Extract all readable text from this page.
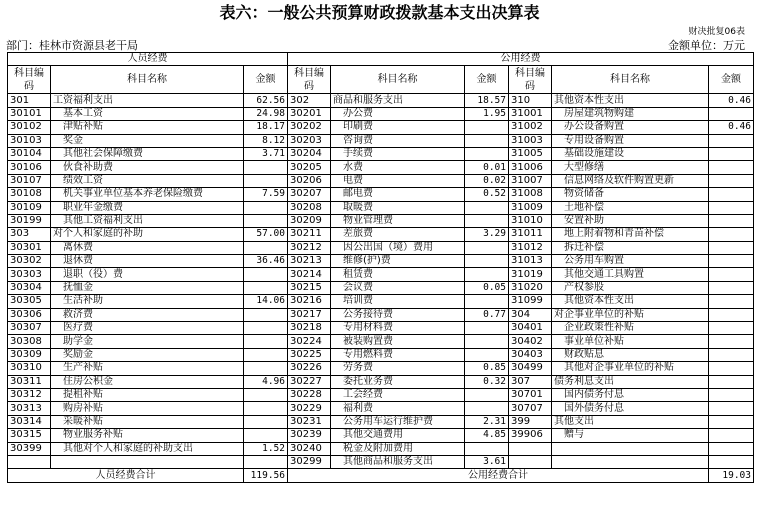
表六：一般公共预算财政拨款基本支出决算表
财决批复06表
部门：桂林市资源县老干局	金额单位：万元
人员经费			公用经费					
科目编码	科目名称	金额	科目编码	科目名称	金额	科目编码	科目名称	金额
301	工资福利支出	62.56	302	商品和服务支出	18.57	310	其他资本性支出	0.46
30101	基本工资	24.98	30201	办公费	1.95	31001	房屋建筑物购建	
30102	津贴补贴	18.17	30202	印刷费		31002	办公设备购置	0.46
30103	奖金	8.12	30203	咨询费		31003	专用设备购置	
30104	其他社会保障缴费	3.71	30204	手续费		31005	基础设施建设	
30106	伙食补助费		30205	水费	0.01	31006	大型修缮	
30107	绩效工资		30206	电费	0.02	31007	信息网络及软件购置更新	
30108	机关事业单位基本养老保险缴费	7.59	30207	邮电费	0.52	31008	物资储备	
30109	职业年金缴费		30208	取暖费		31009	土地补偿	
30199	其他工资福利支出		30209	物业管理费		31010	安置补助	
303	对个人和家庭的补助	57.00	30211	差旅费	3.29	31011	地上附着物和青苗补偿	
30301	离休费		30212	因公出国（境）费用		31012	拆迁补偿	
30302	退休费	36.46	30213	维修(护)费		31013	公务用车购置	
30303	退职（役）费		30214	租赁费		31019	其他交通工具购置	
30304	抚恤金		30215	会议费	0.05	31020	产权参股	
30305	生活补助	14.06	30216	培训费		31099	其他资本性支出	
30306	救济费		30217	公务接待费	0.77	304	对企事业单位的补贴	
30307	医疗费		30218	专用材料费		30401	企业政策性补贴	
30308	助学金		30224	被装购置费		30402	事业单位补贴	
30309	奖励金		30225	专用燃料费		30403	财政贴息	
30310	生产补贴		30226	劳务费	0.85	30499	其他对企事业单位的补贴	
30311	住房公积金	4.96	30227	委托业务费	0.32	307	债务利息支出	
30312	提租补贴		30228	工会经费		30701	国内债务付息	
30313	购房补贴		30229	福利费		30707	国外债务付息	
30314	采暖补贴		30231	公务用车运行维护费	2.31	399	其他支出	
30315	物业服务补贴		30239	其他交通费用	4.85	39906	赠与	
30399	其他对个人和家庭的补助支出	1.52	30240	税金及附加费用				
			30299	其他商品和服务支出	3.61			
人员经费合计		119.56	公用经费合计					19.03
